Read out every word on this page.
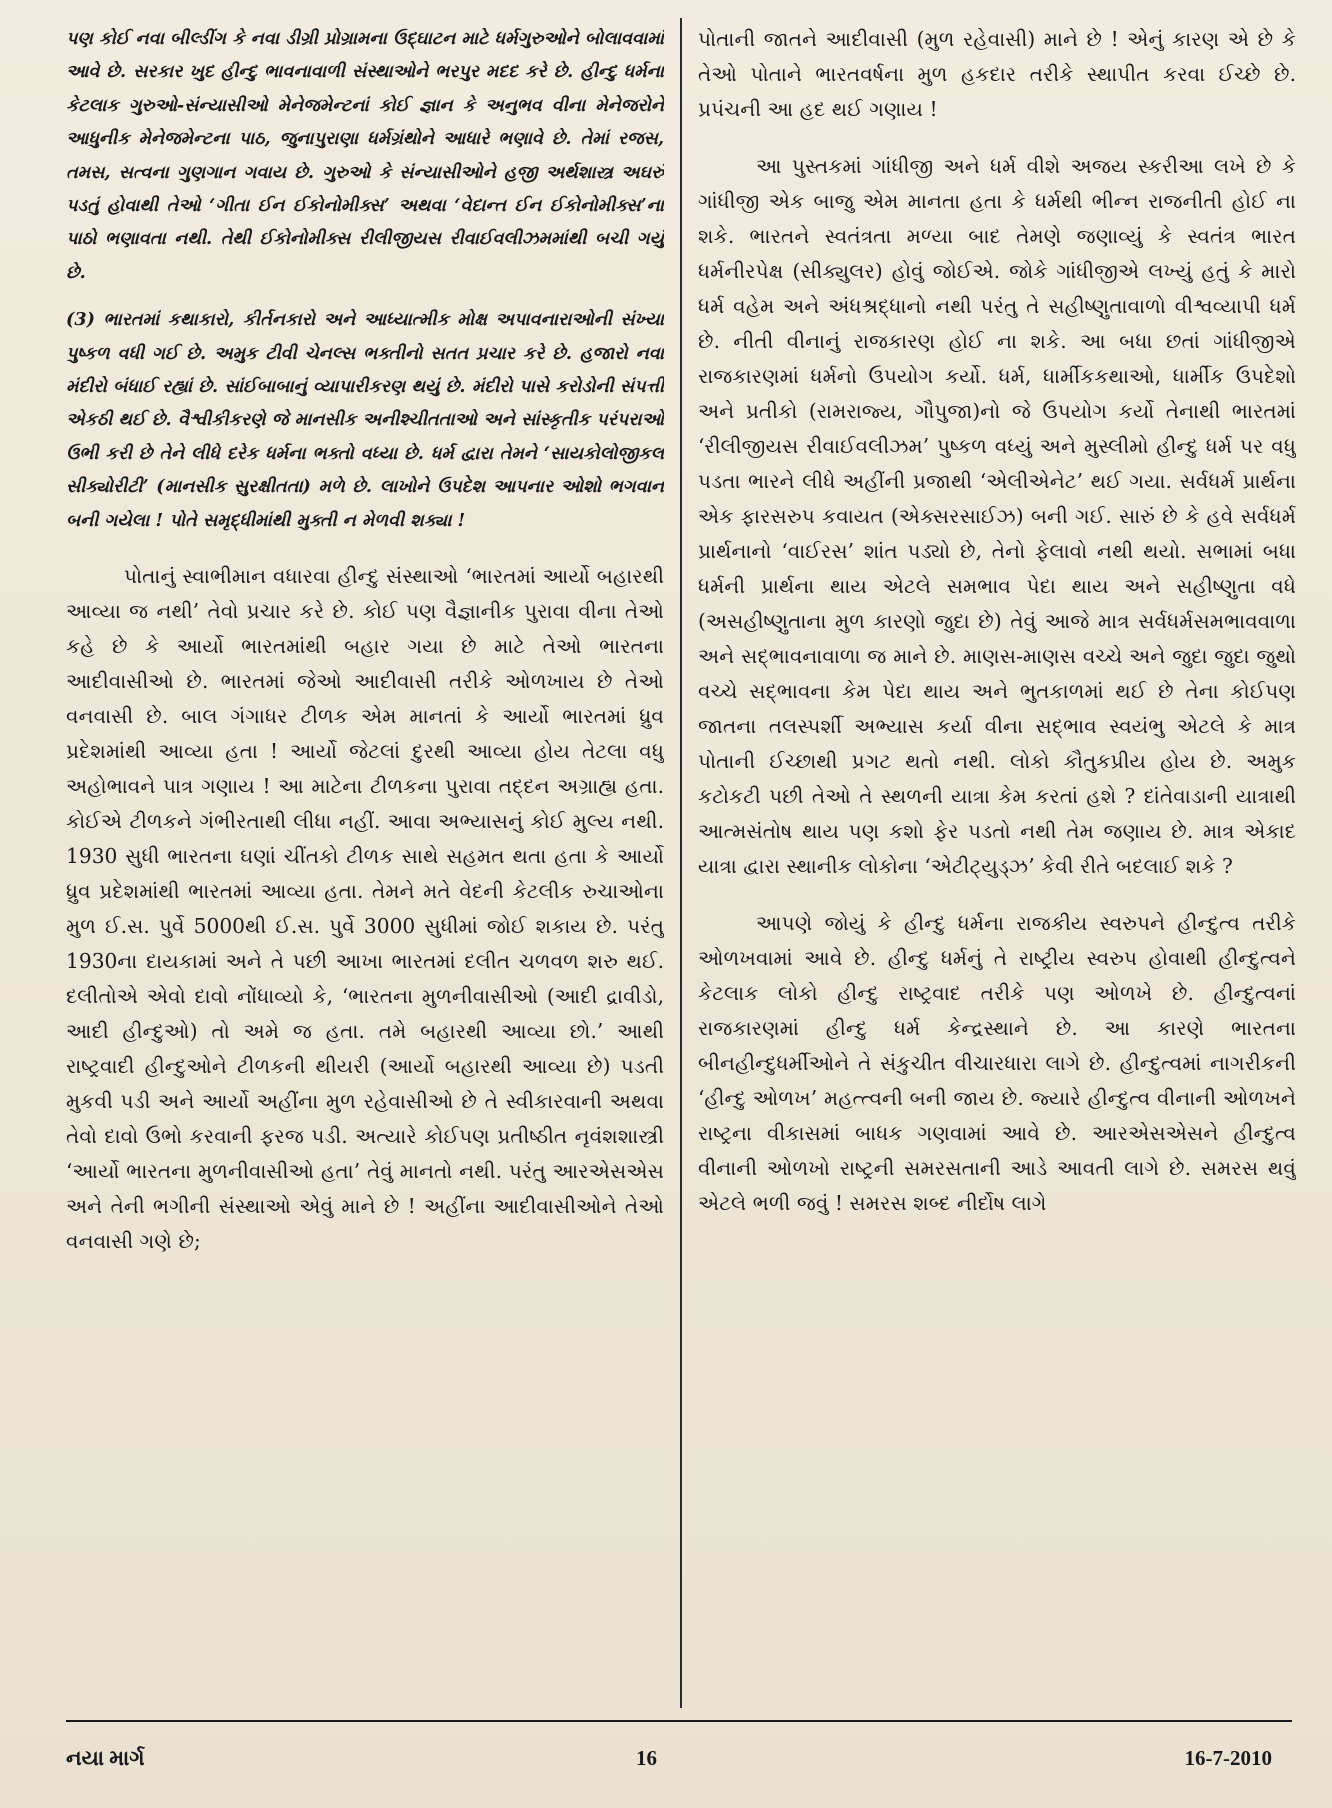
પણ કોઈ નવા બીલ્ડીંગ કે નવા ડીગ્રી પ્રોગ્રામના ઉદ્ઘાટન માટે ધર્મગુરુઓને બોલાવવામાં આવે છે. સરકાર ખુદ હીન્દુ ભાવનાવાળી સંસ્થાઓને ભરપુર મદદ કરે છે. હીન્દુ ધર્મના કેટલાક ગુરુઓ-સંન્યાસીઓ મેનેજમેન્ટનાં કોઈ જ્ઞાન કે અનુભવ વીના મેનેજરોને આધુનીક મેનેજમેન્ટના પાઠ, જુનાપુરાણા ધર્મગ્રંથોને આધારે ભણાવે છે. તેમાં રજસ, તમસ, સત્વના ગુણગાન ગવાય છે. ગુરુઓ કે સંન્યાસીઓને હજી અર્થશાસ્ત્ર અઘરું પડતું હોવાથી તેઓ ‘ગીતા ઈન ઈકોનોમીક્સ’ અથવા ‘વેદાન્ત ઈન ઈકોનોમીક્સ’ના પાઠો ભણાવતા નથી. તેથી ઈકોનોમીક્સ રીલીજીયસ રીવાઈવલીઝમમાંથી બચી ગયું છે.

(3) ભારતમાં કથાકારો, કીર્તનકારો અને આધ્યાત્મીક મોક્ષ અપાવનારાઓની સંખ્યા પુષ્કળ વધી ગઈ છે. અમુક ટીવી ચેનલ્સ ભક્તીનો સતત પ્રચાર કરે છે. હજારો નવા મંદીરો બંધાઈ રહ્યાં છે. સાંઈબાબાનું વ્યાપારીકરણ થયું છે. મંદીરો પાસે કરોડોની સંપત્તી એકઠી થઈ છે. વૈશ્વીકીકરણે જે માનસીક અનીશ્ચીતતાઓ અને સાંસ્કૃતીક પરંપરાઓ ઉભી કરી છે તેને લીધે દરેક ધર્મના ભક્તો વધ્યા છે. ધર્મ દ્વારા તેમને ‘સાયકોલોજીકલ સીક્યોરીટી’ (માનસીક સુરક્ષીતતા) મળે છે. લાખોને ઉપદેશ આપનાર ઓશો ભગવાન બની ગયેલા ! પોતે સમૃદ્ધીમાંથી મુક્તી ન મેળવી શક્યા !

પોતાનું સ્વાભીમાન વધારવા હીન્દુ સંસ્થાઓ ‘ભારતમાં આર્યો બહારથી આવ્યા જ નથી’ તેવો પ્રચાર કરે છે. કોઈ પણ વૈજ્ઞાનીક પુરાવા વીના તેઓ કહે છે કે આર્યો ભારતમાંથી બહાર ગયા છે માટે તેઓ ભારતના આદીવાસીઓ છે. ભારતમાં જેઓ આદીવાસી તરીકે ઓળખાય છે તેઓ વનવાસી છે. બાલ ગંગાધર ટીળક એમ માનતાં કે આર્યો ભારતમાં ધ્રુવ પ્રદેશમાંથી આવ્યા હતા ! આર્યો જેટલાં દુરથી આવ્યા હોય તેટલા વધુ અહોભાવને પાત્ર ગણાય ! આ માટેના ટીળકના પુરાવા તદ્દન અગ્રાહ્ય હતા. કોઈએ ટીળકને ગંભીરતાથી લીધા નહીં. આવા અભ્યાસનું કોઈ મુલ્ય નથી. 1930 સુધી ભારતના ઘણાં ચીંતકો ટીળક સાથે સહમત થતા હતા કે આર્યો ધ્રુવ પ્રદેશમાંથી ભારતમાં આવ્યા હતા. તેમને મતે વેદની કેટલીક રુચાઓના મુળ ઈ.સ. પુર્વે 5000થી ઈ.સ. પુર્વે 3000 સુધીમાં જોઈ શકાય છે. પરંતુ 1930ના દાયકામાં અને તે પછી આખા ભારતમાં દલીત ચળવળ શરુ થઈ. દલીતોએ એવો દાવો નોંધાવ્યો કે, ‘ભારતના મુળનીવાસીઓ (આદી દ્રાવીડો, આદી હીન્દુઓ) તો અમે જ હતા. તમે બહારથી આવ્યા છો.’ આથી રાષ્ટ્રવાદી હીન્દુઓને ટીળકની થીયરી (આર્યો બહારથી આવ્યા છે) પડતી મુકવી પડી અને આર્યો અહીંના મુળ રહેવાસીઓ છે તે સ્વીકારવાની અથવા તેવો દાવો ઉભો કરવાની ફરજ પડી. અત્યારે કોઈપણ પ્રતીષ્ઠીત નૃવંશશાસ્ત્રી ‘આર્યો ભારતના મુળનીવાસીઓ હતા’ તેવું માનતો નથી. પરંતુ આરએસએસ અને તેની ભગીની સંસ્થાઓ એવું માને છે ! અહીંના આદીવાસીઓને તેઓ વનવાસી ગણે છે;

પોતાની જાતને આદીવાસી (મુળ રહેવાસી) માને છે ! એનું કારણ એ છે કે તેઓ પોતાને ભારતવર્ષના મુળ હકદાર તરીકે સ્થાપીત કરવા ઈચ્છે છે. પ્રપંચની આ હદ થઈ ગણાય !

આ પુસ્તકમાં ગાંધીજી અને ધર્મ વીશે અજય સ્કરીઆ લખે છે કે ગાંધીજી એક બાજુ એમ માનતા હતા કે ધર્મથી ભીન્ન રાજનીતી હોઈ ના શકે. ભારતને સ્વતંત્રતા મળ્યા બાદ તેમણે જણાવ્યું કે સ્વતંત્ર ભારત ધર્મનીરપેક્ષ (સીક્યુલર) હોવું જોઈએ. જોકે ગાંધીજીએ લખ્યું હતું કે મારો ધર્મ વહેમ અને અંધશ્રદ્ધાનો નથી પરંતુ તે સહીષ્ણુતાવાળો વીશ્વવ્યાપી ધર્મ છે. નીતી વીનાનું રાજકારણ હોઈ ના શકે. આ બધા છતાં ગાંધીજીએ રાજકારણમાં ધર્મનો ઉપયોગ કર્યો. ધર્મ, ધાર્મીકકથાઓ, ધાર્મીક ઉપદેશો અને પ્રતીકો (રામરાજ્ય, ગૌપુજા)નો જે ઉપયોગ કર્યો તેનાથી ભારતમાં ‘રીલીજીયસ રીવાઈવલીઝમ’ પુષ્કળ વધ્યું અને મુસ્લીમો હીન્દુ ધર્મ પર વધુ પડતા ભારને લીધે અહીંની પ્રજાથી ‘એલીએનેટ’ થઈ ગયા. સર્વધર્મ પ્રાર્થના એક ફારસરુપ કવાયત (એક્સરસાઈઝ) બની ગઈ. સારું છે કે હવે સર્વધર્મ પ્રાર્થનાનો ‘વાઈરસ’ શાંત પડ્યો છે, તેનો ફેલાવો નથી થયો. સભામાં બધા ધર્મની પ્રાર્થના થાય એટલે સમભાવ પેદા થાય અને સહીષ્ણુતા વધે (અસહીષ્ણુતાના મુળ કારણો જુદા છે) તેવું આજે માત્ર સર્વધર્મસમભાવવાળા અને સદ્ભાવનાવાળા જ માને છે. માણસ-માણસ વચ્ચે અને જુદા જુદા જુથો વચ્ચે સદ્ભાવના કેમ પેદા થાય અને ભુતકાળમાં થઈ છે તેના કોઈપણ જાતના તલસ્પર્શી અભ્યાસ કર્યા વીના સદ્ભાવ સ્વયંભુ એટલે કે માત્ર પોતાની ઈચ્છાથી પ્રગટ થતો નથી. લોકો કૌતુકપ્રીય હોય છે. અમુક કટોકટી પછી તેઓ તે સ્થળની યાત્રા કેમ કરતાં હશે ? દાંતેવાડાની યાત્રાથી આત્મસંતોષ થાય પણ કશો ફેર પડતો નથી તેમ જણાય છે. માત્ર એકાદ યાત્રા દ્વારા સ્થાનીક લોકોના ‘એટીટ્યુડ્ઝ’ કેવી રીતે બદલાઈ શકે ?

આપણે જોયું કે હીન્દુ ધર્મના રાજકીય સ્વરુપને હીન્દુત્વ તરીકે ઓળખવામાં આવે છે. હીન્દુ ધર્મનું તે રાષ્ટ્રીય સ્વરુપ હોવાથી હીન્દુત્વને કેટલાક લોકો હીન્દુ રાષ્ટ્રવાદ તરીકે પણ ઓળખે છે. હીન્દુત્વનાં રાજકારણમાં હીન્દુ ધર્મ કેન્દ્રસ્થાને છે. આ કારણે ભારતના બીનહીન્દુધર્મીઓને તે સંકુચીત વીચારધારા લાગે છે. હીન્દુત્વમાં નાગરીકની ‘હીન્દુ ઓળખ’ મહત્ત્વની બની જાય છે. જ્યારે હીન્દુત્વ વીનાની ઓળખને રાષ્ટ્રના વીકાસમાં બાધક ગણવામાં આવે છે. આરએસએસને હીન્દુત્વ વીનાની ઓળખો રાષ્ટ્રની સમરસતાની આડે આવતી લાગે છે. સમરસ થવું એટલે ભળી જવું ! સમરસ શબ્દ નીર્દોષ લાગે

નયા માર્ગ	16	16-7-2010
